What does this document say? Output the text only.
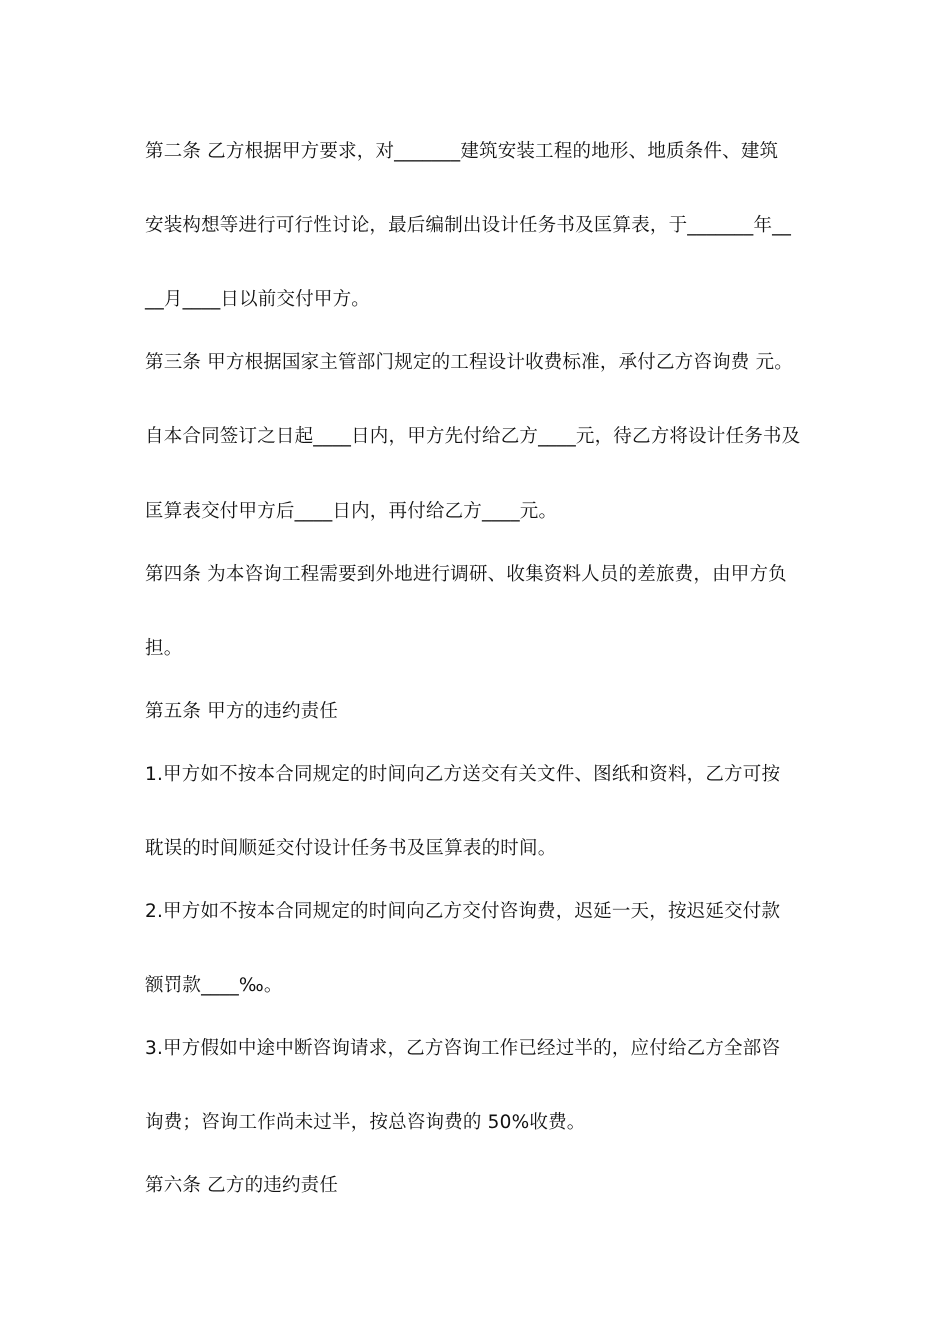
第二条 乙方根据甲方要求，对_______建筑安装工程的地形、地质条件、建筑
安装构想等进行可行性讨论，最后编制出设计任务书及匡算表，于_______年__
__月____日以前交付甲方。
第三条 甲方根据国家主管部门规定的工程设计收费标准，承付乙方咨询费 元。
自本合同签订之日起____日内，甲方先付给乙方____元，待乙方将设计任务书及
匡算表交付甲方后____日内，再付给乙方____元。
第四条 为本咨询工程需要到外地进行调研、收集资料人员的差旅费，由甲方负
担。
第五条 甲方的违约责任
1.甲方如不按本合同规定的时间向乙方送交有关文件、图纸和资料，乙方可按
耽误的时间顺延交付设计任务书及匡算表的时间。
2.甲方如不按本合同规定的时间向乙方交付咨询费，迟延一天，按迟延交付款
额罚款____‰。
3.甲方假如中途中断咨询请求，乙方咨询工作已经过半的，应付给乙方全部咨
询费；咨询工作尚未过半，按总咨询费的 50%收费。
第六条 乙方的违约责任
